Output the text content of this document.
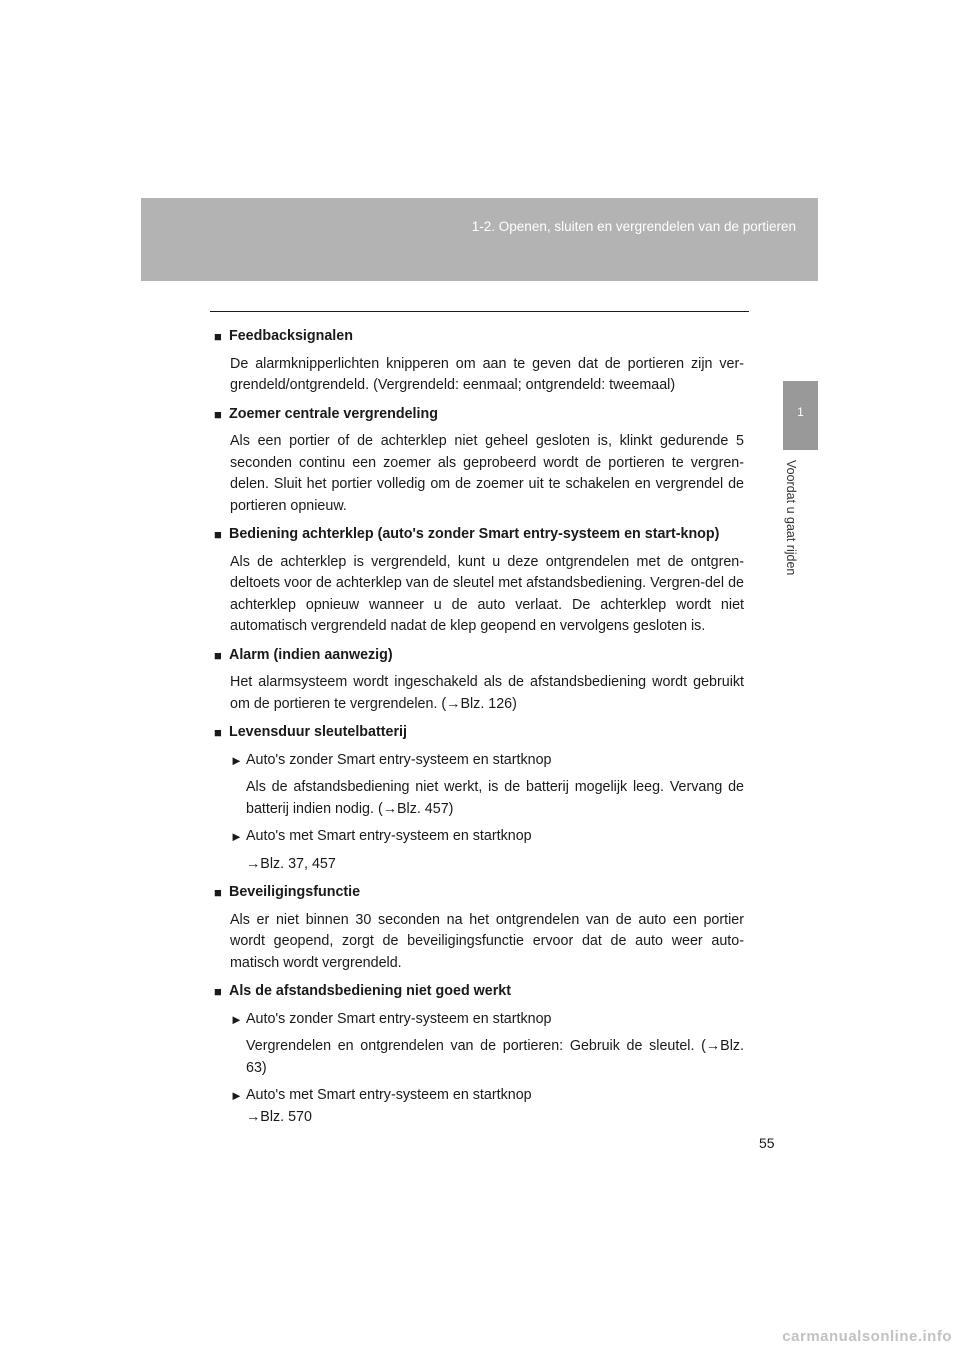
1-2. Openen, sluiten en vergrendelen van de portieren
1
Voordat u gaat rijden
■ Feedbacksignalen
De alarmknipperlichten knipperen om aan te geven dat de portieren zijn ver-grendeld/ontgrendeld. (Vergrendeld: eenmaal; ontgrendeld: tweemaal)
■ Zoemer centrale vergrendeling
Als een portier of de achterklep niet geheel gesloten is, klinkt gedurende 5 seconden continu een zoemer als geprobeerd wordt de portieren te vergren-delen. Sluit het portier volledig om de zoemer uit te schakelen en vergrendel de portieren opnieuw.
■ Bediening achterklep (auto's zonder Smart entry-systeem en start-knop)
Als de achterklep is vergrendeld, kunt u deze ontgrendelen met de ontgren-deltoets voor de achterklep van de sleutel met afstandsbediening. Vergren-del de achterklep opnieuw wanneer u de auto verlaat. De achterklep wordt niet automatisch vergrendeld nadat de klep geopend en vervolgens gesloten is.
■ Alarm (indien aanwezig)
Het alarmsysteem wordt ingeschakeld als de afstandsbediening wordt gebruikt om de portieren te vergrendelen. (→Blz. 126)
■ Levensduur sleutelbatterij
► Auto's zonder Smart entry-systeem en startknop
Als de afstandsbediening niet werkt, is de batterij mogelijk leeg. Vervang de batterij indien nodig. (→Blz. 457)
► Auto's met Smart entry-systeem en startknop
→Blz. 37, 457
■ Beveiligingsfunctie
Als er niet binnen 30 seconden na het ontgrendelen van de auto een portier wordt geopend, zorgt de beveiligingsfunctie ervoor dat de auto weer auto-matisch wordt vergrendeld.
■ Als de afstandsbediening niet goed werkt
► Auto's zonder Smart entry-systeem en startknop
Vergrendelen en ontgrendelen van de portieren: Gebruik de sleutel. (→Blz. 63)
► Auto's met Smart entry-systeem en startknop
→Blz. 570
55
carmanualsonline.info
